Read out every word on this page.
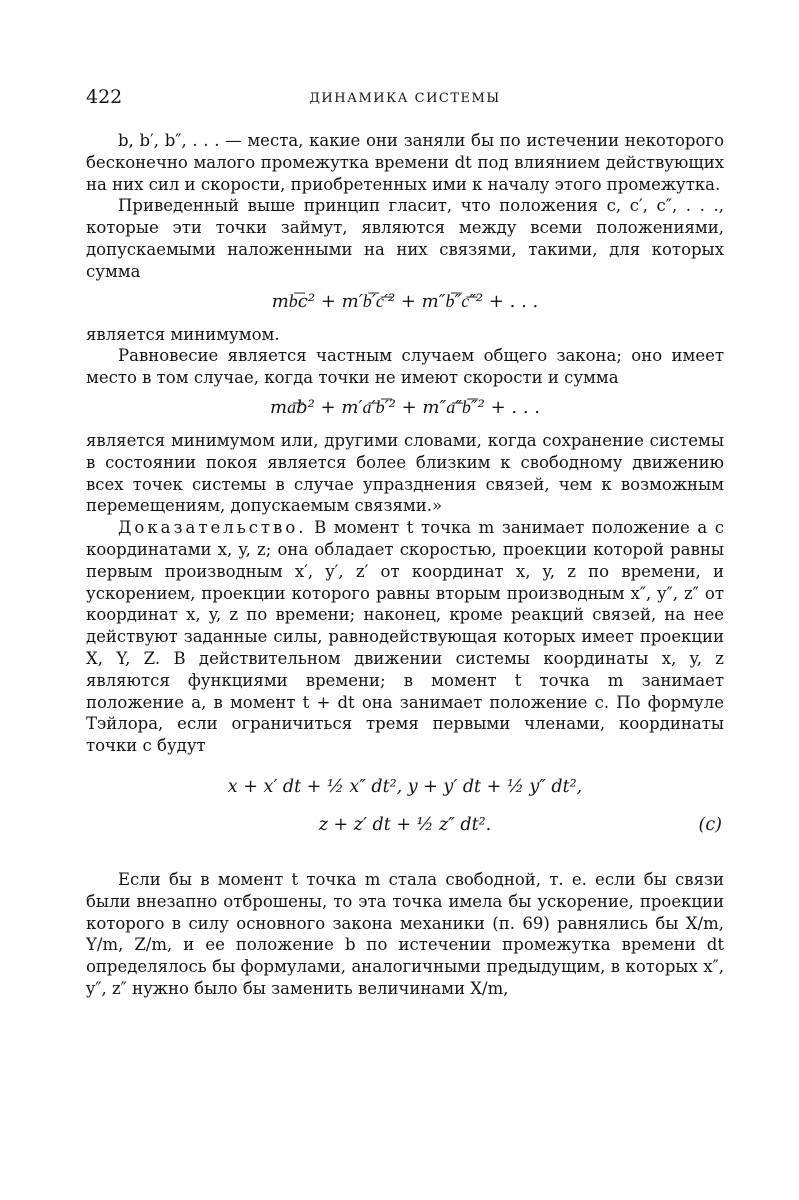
422	ДИНАМИКА СИСТЕМЫ

b, b′, b″, . . . — места, какие они заняли бы по истечении некоторого бесконечно малого промежутка времени dt под влиянием действующих на них сил и скорости, приобретенных ими к началу этого промежутка.

Приведенный выше принцип гласит, что положения c, c′, c″, . . ., которые эти точки займут, являются между всеми положениями, допускаемыми наложенными на них связями, такими, для которых сумма

mb͞c² + m′b͞′c͞′² + m″b͞″c͞″² + . . .

является минимумом.

Равновесие является частным случаем общего закона; оно имеет место в том случае, когда точки не имеют скорости и сумма

ma͞b² + m′a͞′b͞′² + m″a͞″b͞″² + . . .

является минимумом или, другими словами, когда сохранение системы в состоянии покоя является более близким к свободному движению всех точек системы в случае упразднения связей, чем к возможным перемещениям, допускаемым связями.»

Доказательство. В момент t точка m занимает положение a с координатами x, y, z; она обладает скоростью, проекции которой равны первым производным x′, y′, z′ от координат x, y, z по времени, и ускорением, проекции которого равны вторым производным x″, y″, z″ от координат x, y, z по времени; наконец, кроме реакций связей, на нее действуют заданные силы, равнодействующая которых имеет проекции X, Y, Z. В действительном движении системы координаты x, y, z являются функциями времени; в момент t точка m занимает положение a, в момент t + dt она занимает положение c. По формуле Тэйлора, если ограничиться тремя первыми членами, координаты точки c будут

x + x′ dt + ½ x″ dt², y + y′ dt + ½ y″ dt²,
z + z′ dt + ½ z″ dt².	(c)

Если бы в момент t точка m стала свободной, т. е. если бы связи были внезапно отброшены, то эта точка имела бы ускорение, проекции которого в силу основного закона механики (п. 69) равнялись бы X/m, Y/m, Z/m, и ее положение b по истечении промежутка времени dt определялось бы формулами, аналогичными предыдущим, в которых x″, y″, z″ нужно было бы заменить величинами X/m,
